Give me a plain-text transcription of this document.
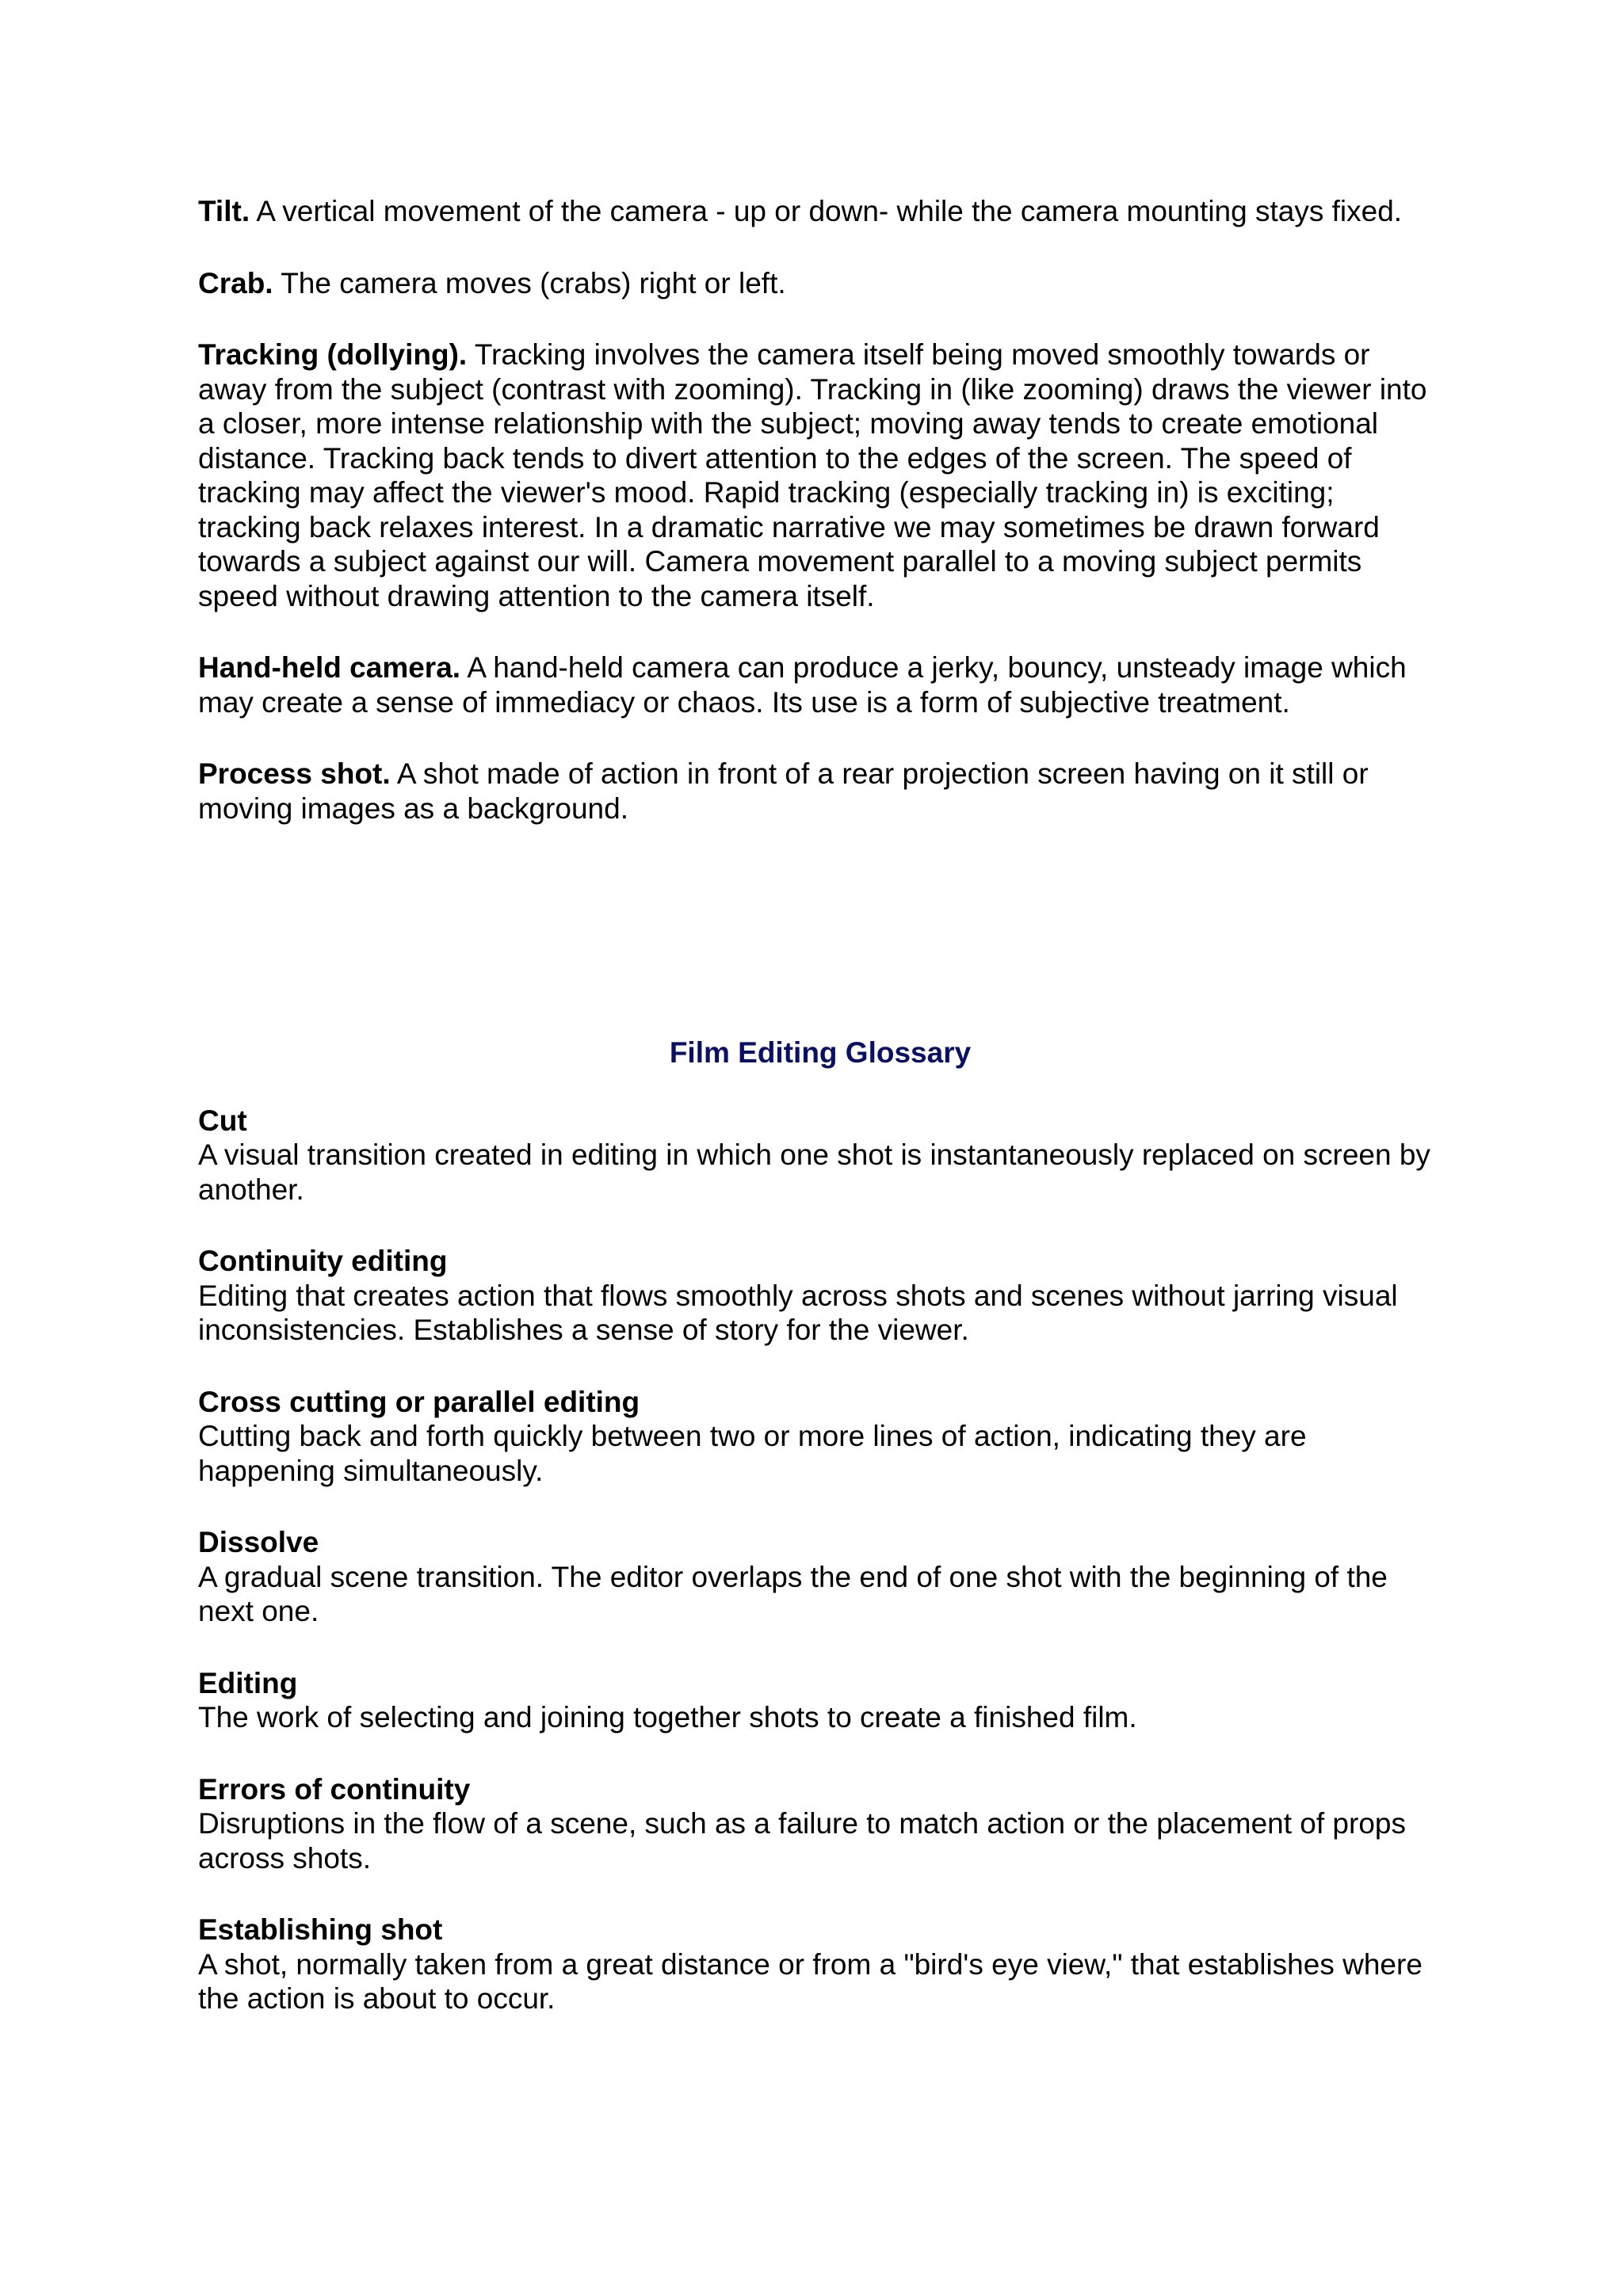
Tilt. A vertical movement of the camera - up or down- while the camera mounting stays fixed.
Crab. The camera moves (crabs) right or left.
Tracking (dollying). Tracking involves the camera itself being moved smoothly towards or away from the subject (contrast with zooming). Tracking in (like zooming) draws the viewer into a closer, more intense relationship with the subject; moving away tends to create emotional distance. Tracking back tends to divert attention to the edges of the screen. The speed of tracking may affect the viewer's mood. Rapid tracking (especially tracking in) is exciting; tracking back relaxes interest. In a dramatic narrative we may sometimes be drawn forward towards a subject against our will. Camera movement parallel to a moving subject permits speed without drawing attention to the camera itself.
Hand-held camera. A hand-held camera can produce a jerky, bouncy, unsteady image which may create a sense of immediacy or chaos. Its use is a form of subjective treatment.
Process shot. A shot made of action in front of a rear projection screen having on it still or moving images as a background.
Film Editing Glossary
Cut
A visual transition created in editing in which one shot is instantaneously replaced on screen by another.
Continuity editing
Editing that creates action that flows smoothly across shots and scenes without jarring visual inconsistencies. Establishes a sense of story for the viewer.
Cross cutting or parallel editing
Cutting back and forth quickly between two or more lines of action, indicating they are happening simultaneously.
Dissolve
A gradual scene transition. The editor overlaps the end of one shot with the beginning of the next one.
Editing
The work of selecting and joining together shots to create a finished film.
Errors of continuity
Disruptions in the flow of a scene, such as a failure to match action or the placement of props across shots.
Establishing shot
A shot, normally taken from a great distance or from a "bird's eye view," that establishes where the action is about to occur.
